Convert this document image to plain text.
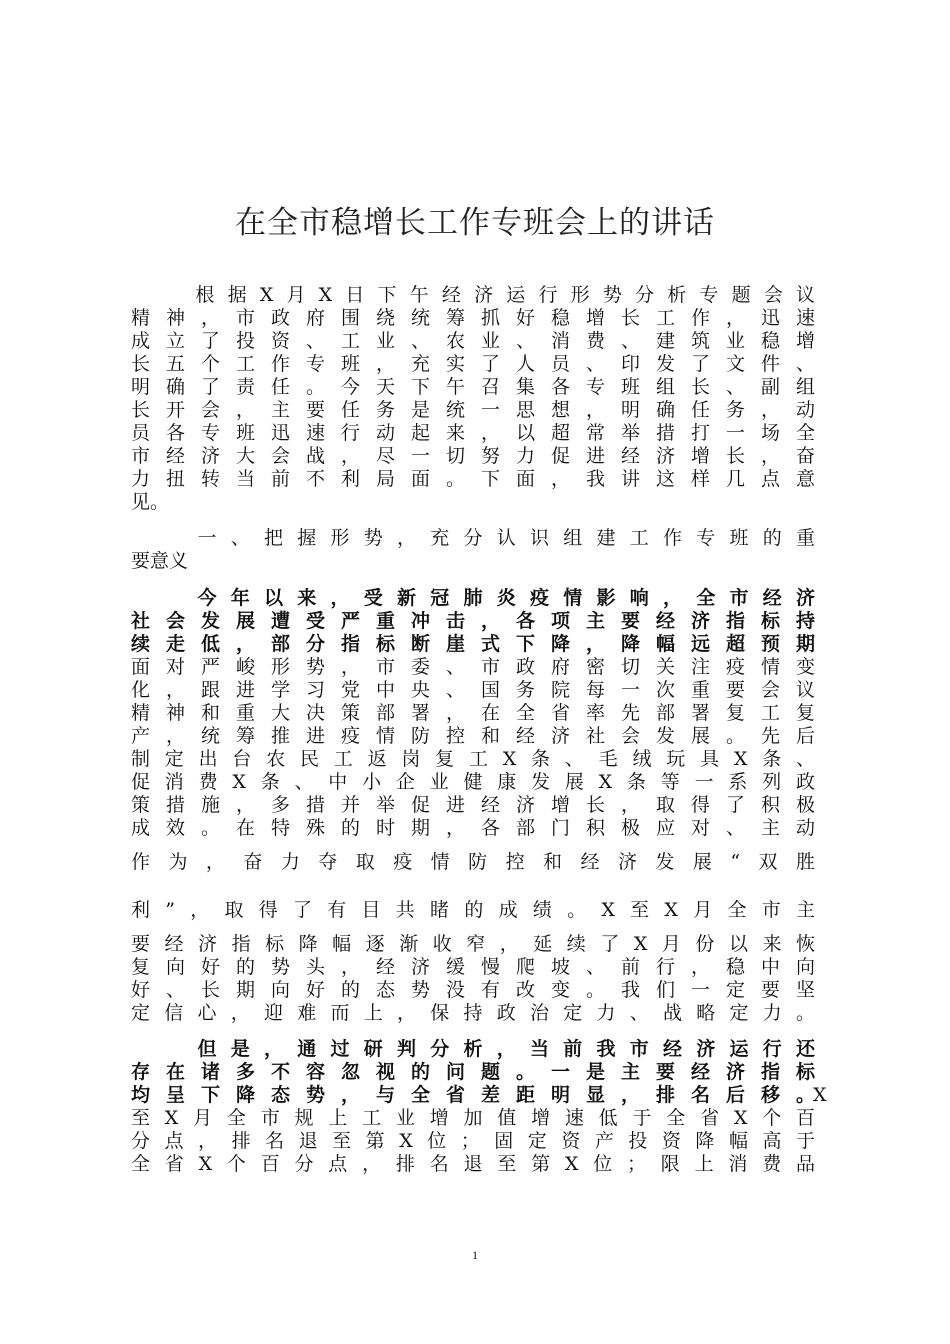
在全市稳增长工作专班会上的讲话
　　根据X月X日下午经济运行形势分析专题会议
精神，市政府围绕统筹抓好稳增长工作，迅速
成立了投资、工业、农业、消费、建筑业稳增
长五个工作专班，充实了人员、印发了文件、
明确了责任。今天下午召集各专班组长、副组
长开会，主要任务是统一思想，明确任务，动
员各专班迅速行动起来，以超常举措打一场全
市经济大会战，尽一切努力促进经济增长，奋
力扭转当前不利局面。下面，我讲这样几点意
见。
　　一、把握形势，充分认识组建工作专班的重
要意义
　　今年以来，受新冠肺炎疫情影响，全市经济
社会发展遭受严重冲击，各项主要经济指标持
续走低，部分指标断崖式下降，降幅远超预期
面对严峻形势，市委、市政府密切关注疫情变
化，跟进学习党中央、国务院每一次重要会议
精神和重大决策部署，在全省率先部署复工复
产，统筹推进疫情防控和经济社会发展。先后
制定出台农民工返岗复工X条、毛绒玩具X条、
促消费X条、中小企业健康发展X条等一系列政
策措施，多措并举促进经济增长，取得了积极
成效。在特殊的时期，各部门积极应对、主动
作为，奋力夺取疫情防控和经济发展“双胜
利”，取得了有目共睹的成绩。X至X月全市主
要经济指标降幅逐渐收窄，延续了X月份以来恢
复向好的势头，经济缓慢爬坡、前行，稳中向
好、长期向好的态势没有改变。我们一定要坚
定信心，迎难而上，保持政治定力、战略定力。
　　但是，通过研判分析，当前我市经济运行还
存在诸多不容忽视的问题。一是主要经济指标
均呈下降态势，与全省差距明显，排名后移。
X
至X月全市规上工业增加值增速低于全省X个百
分点，排名退至第X位；固定资产投资降幅高于
全省X个百分点，排名退至第X位；限上消费品
1
